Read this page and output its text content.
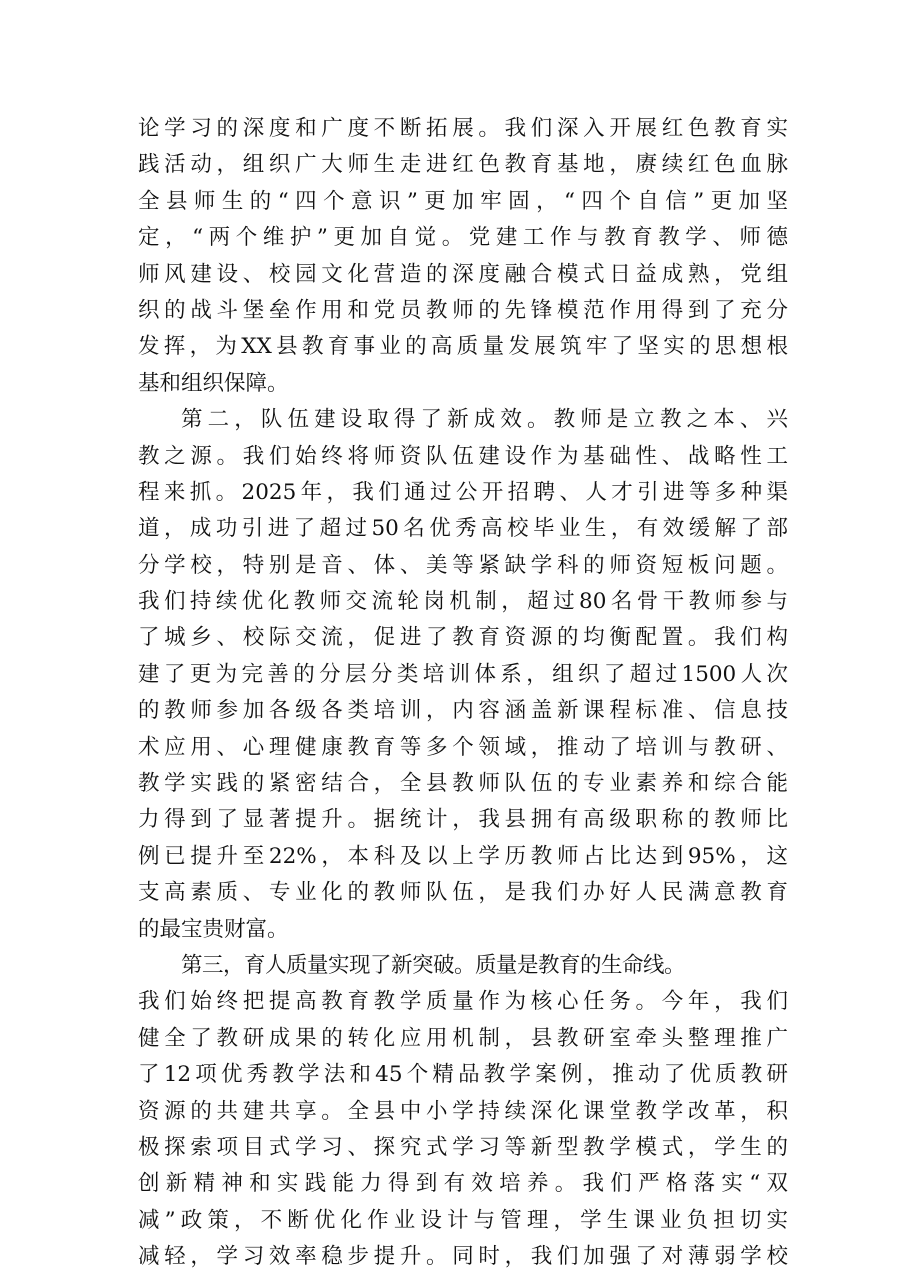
论学习的深度和广度不断拓展。我们深入开展红色教育实
践活动，组织广大师生走进红色教育基地，赓续红色血脉
全县师生的“四个意识”更加牢固，“四个自信”更加坚
定，“两个维护”更加自觉。党建工作与教育教学、师德
师风建设、校园文化营造的深度融合模式日益成熟，党组
织的战斗堡垒作用和党员教师的先锋模范作用得到了充分
发挥，为XX县教育事业的高质量发展筑牢了坚实的思想根
基和组织保障。
第二，队伍建设取得了新成效。教师是立教之本、兴
教之源。我们始终将师资队伍建设作为基础性、战略性工
程来抓。2025年，我们通过公开招聘、人才引进等多种渠
道，成功引进了超过50名优秀高校毕业生，有效缓解了部
分学校，特别是音、体、美等紧缺学科的师资短板问题。
我们持续优化教师交流轮岗机制，超过80名骨干教师参与
了城乡、校际交流，促进了教育资源的均衡配置。我们构
建了更为完善的分层分类培训体系，组织了超过1500人次
的教师参加各级各类培训，内容涵盖新课程标准、信息技
术应用、心理健康教育等多个领域，推动了培训与教研、
教学实践的紧密结合，全县教师队伍的专业素养和综合能
力得到了显著提升。据统计，我县拥有高级职称的教师比
例已提升至22%，本科及以上学历教师占比达到95%，这
支高素质、专业化的教师队伍，是我们办好人民满意教育
的最宝贵财富。
第三，育人质量实现了新突破。质量是教育的生命线。
我们始终把提高教育教学质量作为核心任务。今年，我们
健全了教研成果的转化应用机制，县教研室牵头整理推广
了12项优秀教学法和45个精品教学案例，推动了优质教研
资源的共建共享。全县中小学持续深化课堂教学改革，积
极探索项目式学习、探究式学习等新型教学模式，学生的
创新精神和实践能力得到有效培养。我们严格落实“双
减”政策，不断优化作业设计与管理，学生课业负担切实
减轻，学习效率稳步提升。同时，我们加强了对薄弱学校
